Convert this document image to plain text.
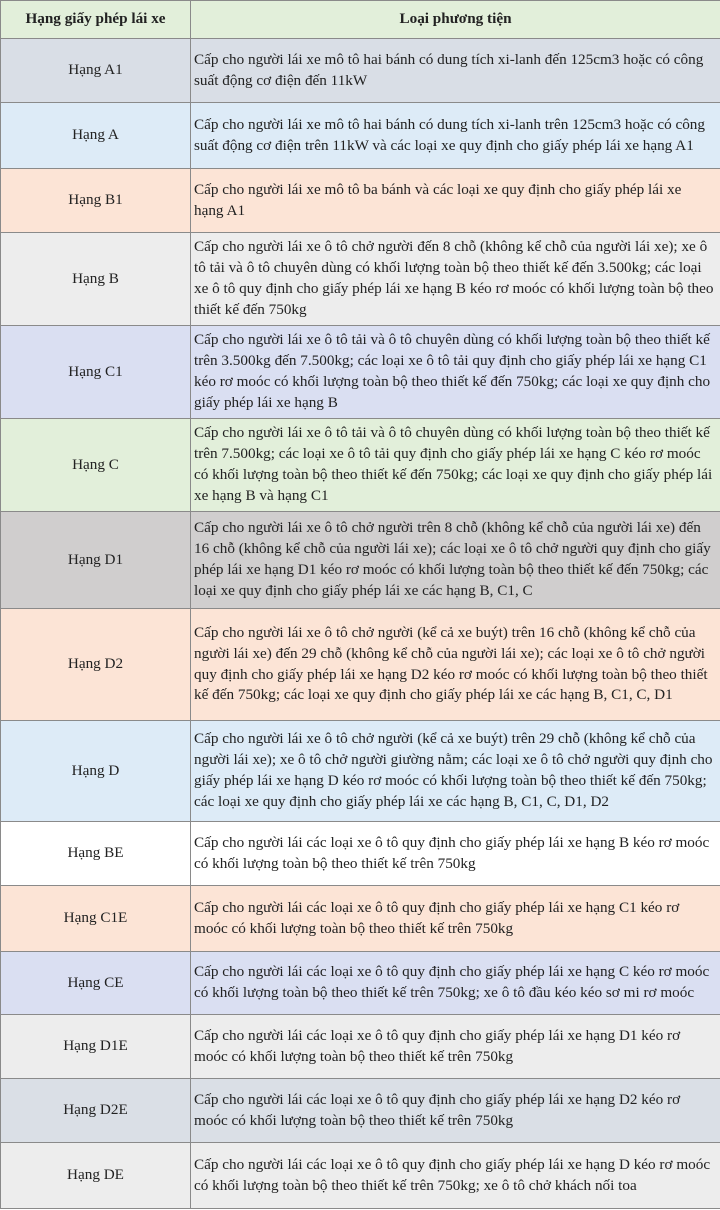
Hạng giấy phép lái xe	Loại phương tiện
Hạng A1	Cấp cho người lái xe mô tô hai bánh có dung tích xi-lanh đến 125cm3 hoặc có công suất động cơ điện đến 11kW
Hạng A	Cấp cho người lái xe mô tô hai bánh có dung tích xi-lanh trên 125cm3 hoặc có công suất động cơ điện trên 11kW và các loại xe quy định cho giấy phép lái xe hạng A1
Hạng B1	Cấp cho người lái xe mô tô ba bánh và các loại xe quy định cho giấy phép lái xe hạng A1
Hạng B	Cấp cho người lái xe ô tô chở người đến 8 chỗ (không kể chỗ của người lái xe); xe ô tô tải và ô tô chuyên dùng có khối lượng toàn bộ theo thiết kế đến 3.500kg; các loại xe ô tô quy định cho giấy phép lái xe hạng B kéo rơ moóc có khối lượng toàn bộ theo thiết kế đến 750kg
Hạng C1	Cấp cho người lái xe ô tô tải và ô tô chuyên dùng có khối lượng toàn bộ theo thiết kế trên 3.500kg đến 7.500kg; các loại xe ô tô tải quy định cho giấy phép lái xe hạng C1 kéo rơ moóc có khối lượng toàn bộ theo thiết kế đến 750kg; các loại xe quy định cho giấy phép lái xe hạng B
Hạng C	Cấp cho người lái xe ô tô tải và ô tô chuyên dùng có khối lượng toàn bộ theo thiết kế trên 7.500kg; các loại xe ô tô tải quy định cho giấy phép lái xe hạng C kéo rơ moóc có khối lượng toàn bộ theo thiết kế đến 750kg; các loại xe quy định cho giấy phép lái xe hạng B và hạng C1
Hạng D1	Cấp cho người lái xe ô tô chở người trên 8 chỗ (không kể chỗ của người lái xe) đến 16 chỗ (không kể chỗ của người lái xe); các loại xe ô tô chở người quy định cho giấy phép lái xe hạng D1 kéo rơ moóc có khối lượng toàn bộ theo thiết kế đến 750kg; các loại xe quy định cho giấy phép lái xe các hạng B, C1, C
Hạng D2	Cấp cho người lái xe ô tô chở người (kể cả xe buýt) trên 16 chỗ (không kể chỗ của người lái xe) đến 29 chỗ (không kể chỗ của người lái xe); các loại xe ô tô chở người quy định cho giấy phép lái xe hạng D2 kéo rơ moóc có khối lượng toàn bộ theo thiết kế đến 750kg; các loại xe quy định cho giấy phép lái xe các hạng B, C1, C, D1
Hạng D	Cấp cho người lái xe ô tô chở người (kể cả xe buýt) trên 29 chỗ (không kể chỗ của người lái xe); xe ô tô chở người giường nằm; các loại xe ô tô chở người quy định cho giấy phép lái xe hạng D kéo rơ moóc có khối lượng toàn bộ theo thiết kế đến 750kg; các loại xe quy định cho giấy phép lái xe các hạng B, C1, C, D1, D2
Hạng BE	Cấp cho người lái các loại xe ô tô quy định cho giấy phép lái xe hạng B kéo rơ moóc có khối lượng toàn bộ theo thiết kế trên 750kg
Hạng C1E	Cấp cho người lái các loại xe ô tô quy định cho giấy phép lái xe hạng C1 kéo rơ moóc có khối lượng toàn bộ theo thiết kế trên 750kg
Hạng CE	Cấp cho người lái các loại xe ô tô quy định cho giấy phép lái xe hạng C kéo rơ moóc có khối lượng toàn bộ theo thiết kế trên 750kg; xe ô tô đầu kéo kéo sơ mi rơ moóc
Hạng D1E	Cấp cho người lái các loại xe ô tô quy định cho giấy phép lái xe hạng D1 kéo rơ moóc có khối lượng toàn bộ theo thiết kế trên 750kg
Hạng D2E	Cấp cho người lái các loại xe ô tô quy định cho giấy phép lái xe hạng D2 kéo rơ moóc có khối lượng toàn bộ theo thiết kế trên 750kg
Hạng DE	Cấp cho người lái các loại xe ô tô quy định cho giấy phép lái xe hạng D kéo rơ moóc có khối lượng toàn bộ theo thiết kế trên 750kg; xe ô tô chở khách nối toa
